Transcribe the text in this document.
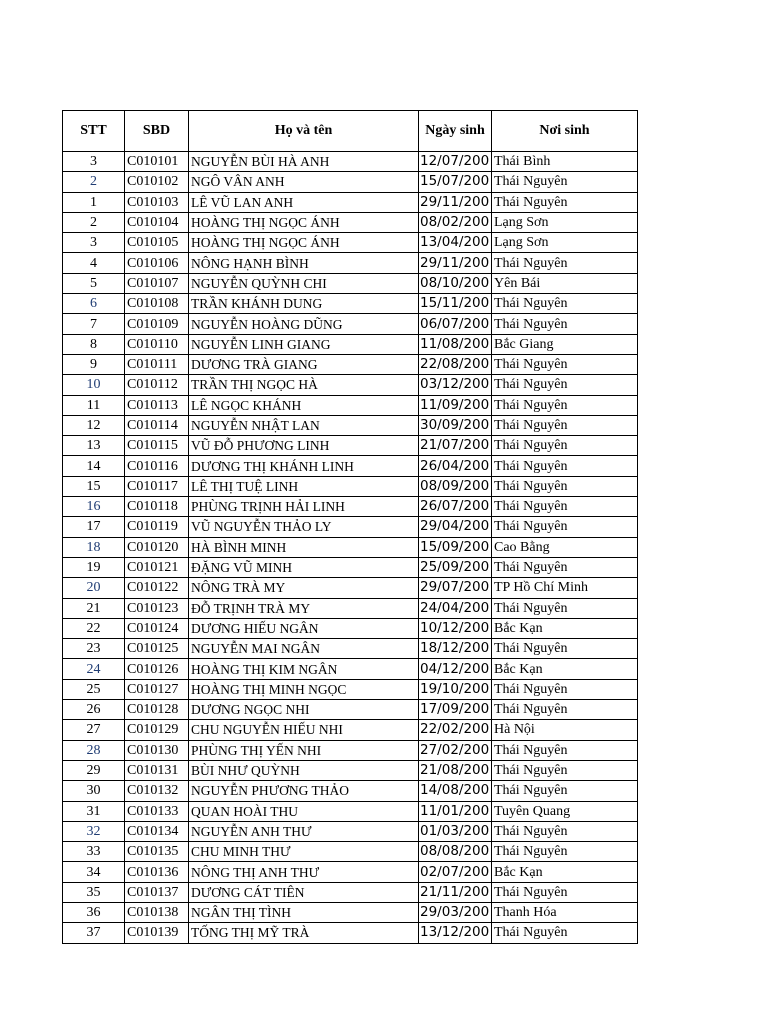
STT	SBD	Họ và tên	Ngày sinh	Nơi sinh
3	C010101	NGUYỄN BÙI HÀ ANH	12/07/200	Thái Bình
2	C010102	NGÔ VÂN ANH	15/07/200	Thái Nguyên
1	C010103	LÊ VŨ LAN ANH	29/11/200	Thái Nguyên
2	C010104	HOÀNG THỊ NGỌC ÁNH	08/02/200	Lạng Sơn
3	C010105	HOÀNG THỊ NGỌC ÁNH	13/04/200	Lạng Sơn
4	C010106	NÔNG HẠNH BÌNH	29/11/200	Thái Nguyên
5	C010107	NGUYỄN QUỲNH CHI	08/10/200	Yên Bái
6	C010108	TRẦN KHÁNH DUNG	15/11/200	Thái Nguyên
7	C010109	NGUYỄN HOÀNG DŨNG	06/07/200	Thái Nguyên
8	C010110	NGUYỄN LINH GIANG	11/08/200	Bắc Giang
9	C010111	DƯƠNG TRÀ GIANG	22/08/200	Thái Nguyên
10	C010112	TRẦN THỊ NGỌC HÀ	03/12/200	Thái Nguyên
11	C010113	LÊ NGỌC KHÁNH	11/09/200	Thái Nguyên
12	C010114	NGUYỄN NHẬT LAN	30/09/200	Thái Nguyên
13	C010115	VŨ ĐỖ PHƯƠNG LINH	21/07/200	Thái Nguyên
14	C010116	DƯƠNG THỊ KHÁNH LINH	26/04/200	Thái Nguyên
15	C010117	LÊ THỊ TUỆ LINH	08/09/200	Thái Nguyên
16	C010118	PHÙNG TRỊNH HẢI LINH	26/07/200	Thái Nguyên
17	C010119	VŨ NGUYỄN THẢO LY	29/04/200	Thái Nguyên
18	C010120	HÀ BÌNH MINH	15/09/200	Cao Bằng
19	C010121	ĐẶNG VŨ MINH	25/09/200	Thái Nguyên
20	C010122	NÔNG TRÀ MY	29/07/200	TP Hồ Chí Minh
21	C010123	ĐỖ TRỊNH TRÀ MY	24/04/200	Thái Nguyên
22	C010124	DƯƠNG HIẾU NGÂN	10/12/200	Bắc Kạn
23	C010125	NGUYỄN MAI NGÂN	18/12/200	Thái Nguyên
24	C010126	HOÀNG THỊ KIM NGÂN	04/12/200	Bắc Kạn
25	C010127	HOÀNG THỊ MINH NGỌC	19/10/200	Thái Nguyên
26	C010128	DƯƠNG NGỌC NHI	17/09/200	Thái Nguyên
27	C010129	CHU NGUYỄN HIẾU NHI	22/02/200	Hà Nội
28	C010130	PHÙNG THỊ YẾN NHI	27/02/200	Thái Nguyên
29	C010131	BÙI NHƯ QUỲNH	21/08/200	Thái Nguyên
30	C010132	NGUYỄN PHƯƠNG THẢO	14/08/200	Thái Nguyên
31	C010133	QUAN HOÀI THU	11/01/200	Tuyên Quang
32	C010134	NGUYỄN ANH THƯ	01/03/200	Thái Nguyên
33	C010135	CHU MINH THƯ	08/08/200	Thái Nguyên
34	C010136	NÔNG THỊ ANH THƯ	02/07/200	Bắc Kạn
35	C010137	DƯƠNG CÁT TIÊN	21/11/200	Thái Nguyên
36	C010138	NGÂN THỊ TÌNH	29/03/200	Thanh Hóa
37	C010139	TỐNG THỊ MỸ TRÀ	13/12/200	Thái Nguyên
